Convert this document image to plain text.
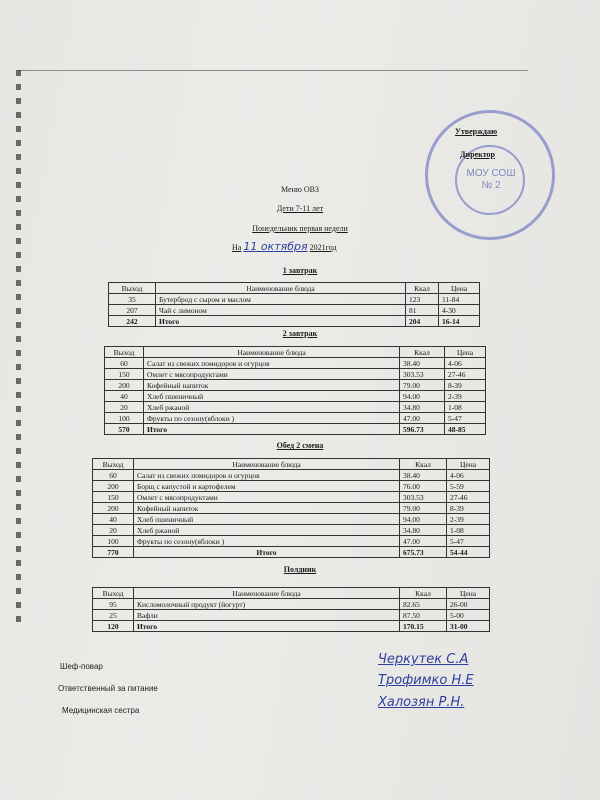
МОУ СОШ № 2
Утверждаю
Директор
Меню ОВЗ
Дети 7-11 лет
Понедельник первая недели
На 11 октября 2021год
1 завтрак
Выход	Наименование блюда	Ккал	Цена
35	Бутерброд с сыром и маслом	123	11-84
207	Чай с лимоном	81	4-30
242	Итого	204	16-14
2 завтрак
Выход	Наименование блюда	Ккал	Цена
60	Салат из свежих помидоров и огурцов	38.40	4-06
150	Омлет с мясопродуктами	303.53	27-46
200	Кофейный напиток	79.00	8-39
40	Хлеб пшеничный	94.00	2-39
20	Хлеб ржаной	34.80	1-08
100	Фрукты по сезону(яблоки )	47.00	5-47
570	Итого	596.73	48-85
Обед 2 смена
Выход	Наименование блюда	Ккал	Цена
60	Салат из свежих помидоров и огурцов	38.40	4-06
200	Борщ с капустой и картофелем	76.00	5-59
150	Омлет с мясопродуктами	303.53	27-46
200	Кофейный напиток	79.00	8-39
40	Хлеб пшеничный	94.00	2-39
20	Хлеб ржаной	34.80	1-08
100	Фрукты по сезону(яблоки )	47.00	5-47
770	Итого	675.73	54-44
Полдник
Выход	Наименование блюда	Ккал	Цена
95	Кисломолочный продукт (йогурт)	82.65	26-00
25	Вафли	87.50	5-00
120	Итого	170.15	31-00
Шеф-повар	Черкутек С.А
Ответственный за питание
Трофимко Н.Е
Медицинская сестра
Халозян Р.Н.
